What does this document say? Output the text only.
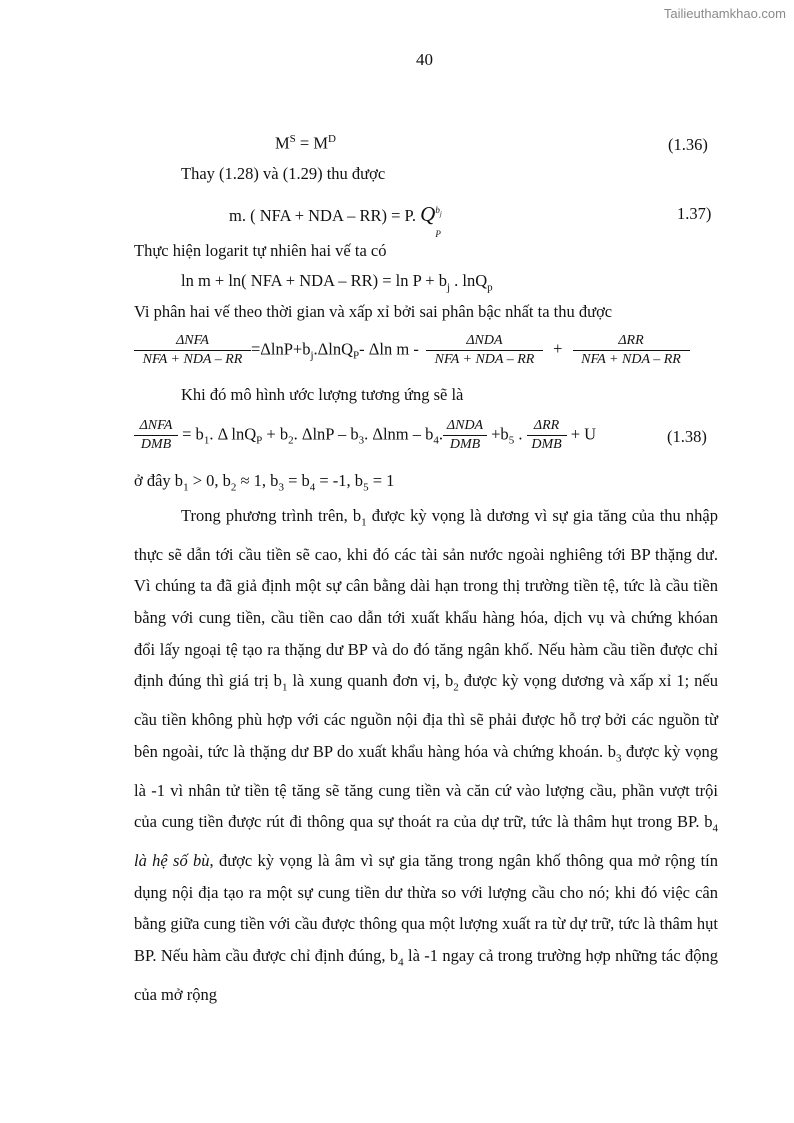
Tailieuthamkhao.com
40
$M^S = M^D$	(1.36)
Thay (1.28) và (1.29) thu được
m. ( NFA + NDA – RR) = P. Q $b_j$
P
1.37)
Thực hiện logarit tự nhiên hai vế ta có
ln m + ln( NFA + NDA – $RR) = \ln P + b_j$ . lnQ$_p$
Vi phân hai vế theo thời gian và xấp xỉ bởi sai phân bậc nhất ta thu được
$\frac{\text{ΔNFA}}{\text{NFA + NDA – RR}} =\Delta\ln P+b_j.\Delta\ln Q_P-$ Δln $m - \frac{\text{ΔNDA}}{\text{NFA + NDA – RR}} + \frac{\text{ΔRR}}{\text{NFA + NDA – RR}}$
Khi đó mô hình ước lượng tương ứng sẽ là
$\frac{\text{ΔNFA}}{\text{DMB}} = b_1$. Δ $\ln Q_P + b_2$. ΔlnP – $b_3$. Δlnm – $b_4$. $\frac{\text{ΔNDA}}{\text{DMB}} +b_5$ . $\frac{\text{ΔRR}}{\text{DMB}} + U$	(1.38)
ở đây $b_1 > 0$, $b_2 \approx 1$, $b_3 = b_4 = -1$, $b_5 = 1$

Trong phương trình trên, $b_1$ được kỳ vọng là dương vì sự gia tăng của thu nhập thực sẽ dẫn tới cầu tiền sẽ cao, khi đó các tài sản nước ngoài nghiêng tới BP thặng dư. Vì chúng ta đã giả định một sự cân bằng dài hạn trong thị trường tiền tệ, tức là cầu tiền bằng với cung tiền, cầu tiền cao dẫn tới xuất khẩu hàng hóa, dịch vụ và chứng khóan đổi lấy ngoại tệ tạo ra thặng dư BP và do đó tăng ngân khố. Nếu hàm cầu tiền được chỉ định đúng thì giá trị $b_1$ là xung quanh đơn vị, $b_2$ được kỳ vọng dương và xấp xỉ 1; nếu cầu tiền không phù hợp với các nguồn nội địa thì sẽ phải được hỗ trợ bởi các nguồn từ bên ngoài, tức là thặng dư BP do xuất khẩu hàng hóa và chứng khoán. $b_3$ được kỳ vọng là -1 vì nhân tử tiền tệ tăng sẽ tăng cung tiền và căn cứ vào lượng cầu, phần vượt trội của cung tiền được rút đi thông qua sự thoát ra của dự trữ, tức là thâm hụt trong BP. $b_4$ là hệ số bù, được kỳ vọng là âm vì sự gia tăng trong ngân khố thông qua mở rộng tín dụng nội địa tạo ra một sự cung tiền dư thừa so với lượng cầu cho nó; khi đó việc cân bằng giữa cung tiền với cầu được thông qua một lượng xuất ra từ dự trữ, tức là thâm hụt BP. Nếu hàm cầu được chỉ định đúng, $b_4$ là -1 ngay cả trong trường hợp những tác động của mở rộng
